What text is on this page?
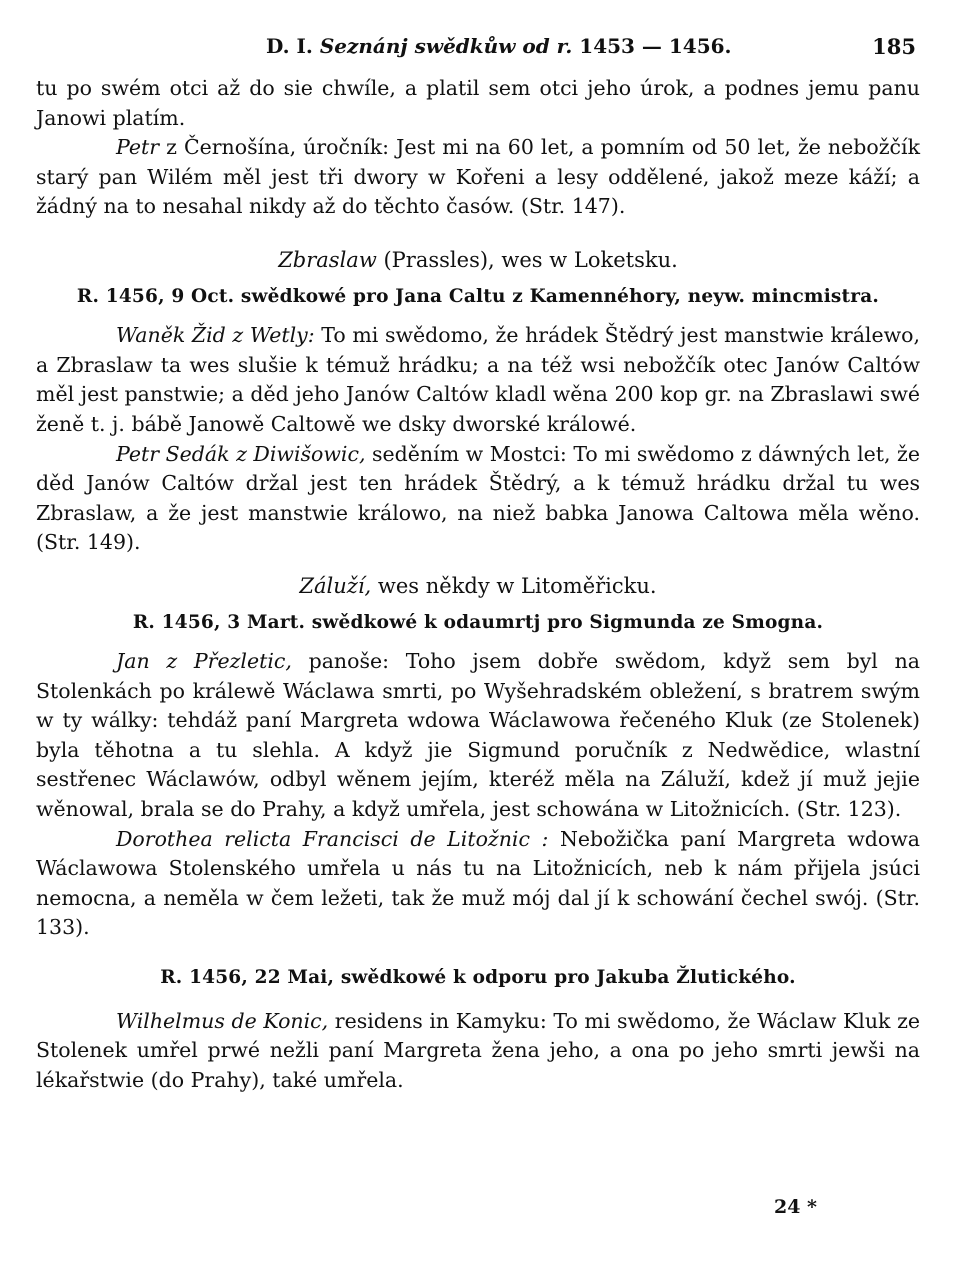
D. I. Seznánj swědkůw od r. 1453 — 1456.	185

tu po swém otci až do sie chwíle, a platil sem otci jeho úrok, a podnes jemu panu Janowi platím.

Petr z Černošína, úročník: Jest mi na 60 let, a pomním od 50 let, že nebožčík starý pan Wilém měl jest tři dwory w Kořeni a lesy oddělené, jakož meze káží; a žádný na to nesahal nikdy až do těchto časów. (Str. 147).

Zbraslaw (Prassles), wes w Loketsku.
R. 1456, 9 Oct. swědkowé pro Jana Caltu z Kamennéhory, neyw. mincmistra.

Waněk Žid z Wetly: To mi swědomo, že hrádek Štědrý jest manstwie králewo, a Zbraslaw ta wes slušie k témuž hrádku; a na též wsi nebožčík otec Janów Caltów měl jest panstwie; a děd jeho Janów Caltów kladl wěna 200 kop gr. na Zbraslawi swé ženě t. j. bábě Janowě Caltowě we dsky dworské králowé.

Petr Sedák z Diwišowic, seděním w Mostci: To mi swědomo z dáwných let, že děd Janów Caltów držal jest ten hrádek Štědrý, a k témuž hrádku držal tu wes Zbraslaw, a že jest manstwie králowo, na niež babka Janowa Caltowa měla wěno. (Str. 149).

Záluží, wes někdy w Litoměřicku.
R. 1456, 3 Mart. swědkowé k odaumrtj pro Sigmunda ze Smogna.

Jan z Přezletic, panoše: Toho jsem dobře swědom, když sem byl na Stolenkách po králewě Wáclawa smrti, po Wyšehradském obležení, s bratrem swým w ty wálky: tehdáž paní Margreta wdowa Wáclawowa řečeného Kluk (ze Stolenek) byla těhotna a tu slehla. A když jie Sigmund poručník z Nedwědice, wlastní sestřenec Wáclawów, odbyl wěnem jejím, kteréž měla na Záluží, kdež jí muž jejie wěnowal, brala se do Prahy, a když umřela, jest schowána w Litožnicích. (Str. 123).

Dorothea relicta Francisci de Litožnic : Nebožička paní Margreta wdowa Wáclawowa Stolenského umřela u nás tu na Litožnicích, neb k nám přijela jsúci nemocna, a neměla w čem ležeti, tak že muž mój dal jí k schowání čechel swój. (Str. 133).

R. 1456, 22 Mai, swědkowé k odporu pro Jakuba Žlutického.

Wilhelmus de Konic, residens in Kamyku: To mi swědomo, že Wáclaw Kluk ze Stolenek umřel prwé nežli paní Margreta žena jeho, a ona po jeho smrti jewši na lékařstwie (do Prahy), také umřela.

24 *
